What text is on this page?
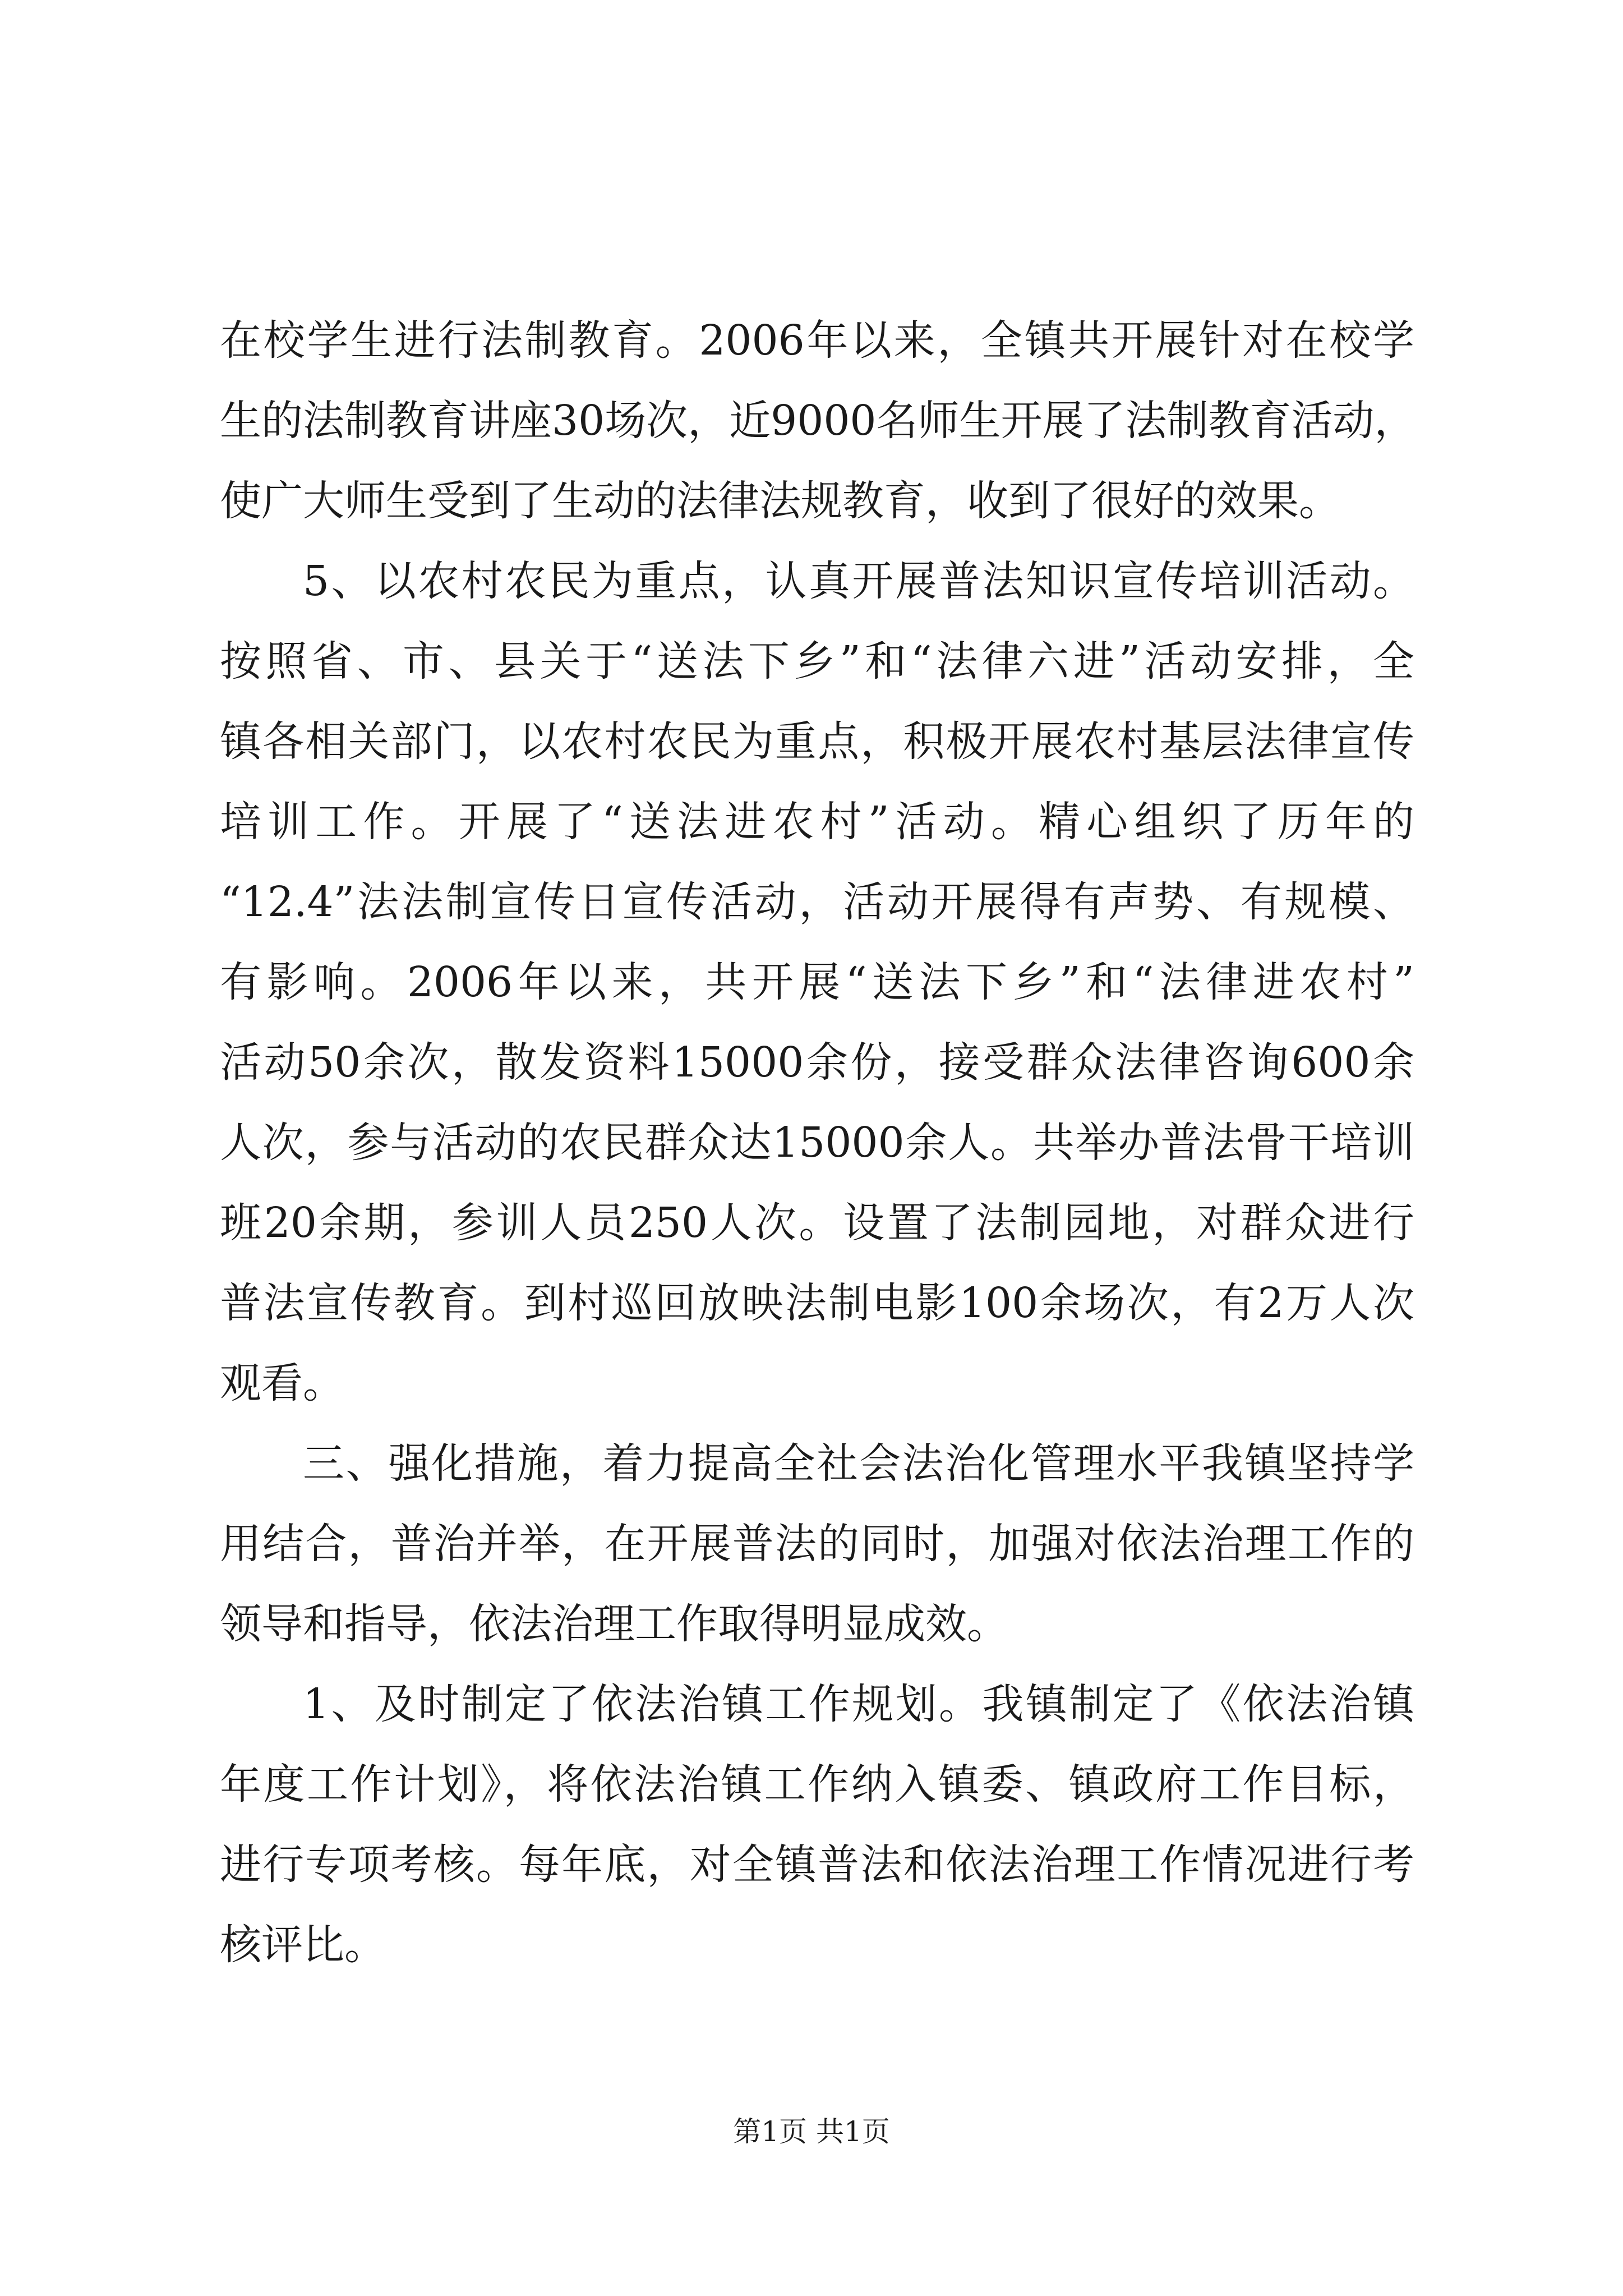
在校学生进行法制教育。2006年以来，全镇共开展针对在校学
生的法制教育讲座30场次，近9000名师生开展了法制教育活动，
使广大师生受到了生动的法律法规教育，收到了很好的效果。
5、以农村农民为重点，认真开展普法知识宣传培训活动。
按照省、市、县关于“送法下乡”和“法律六进”活动安排，全
镇各相关部门，以农村农民为重点，积极开展农村基层法律宣传
培训工作。开展了“送法进农村”活动。精心组织了历年的
“12.4”法法制宣传日宣传活动，活动开展得有声势、有规模、
有影响。2006年以来，共开展“送法下乡”和“法律进农村”
活动50余次，散发资料15000余份，接受群众法律咨询600余
人次，参与活动的农民群众达15000余人。共举办普法骨干培训
班20余期，参训人员250人次。设置了法制园地，对群众进行
普法宣传教育。到村巡回放映法制电影100余场次，有2万人次
观看。
三、强化措施，着力提高全社会法治化管理水平我镇坚持学
用结合，普治并举，在开展普法的同时，加强对依法治理工作的
领导和指导，依法治理工作取得明显成效。
1、及时制定了依法治镇工作规划。我镇制定了《依法治镇
年度工作计划》，将依法治镇工作纳入镇委、镇政府工作目标，
进行专项考核。每年底，对全镇普法和依法治理工作情况进行考
核评比。
第1页 共1页
